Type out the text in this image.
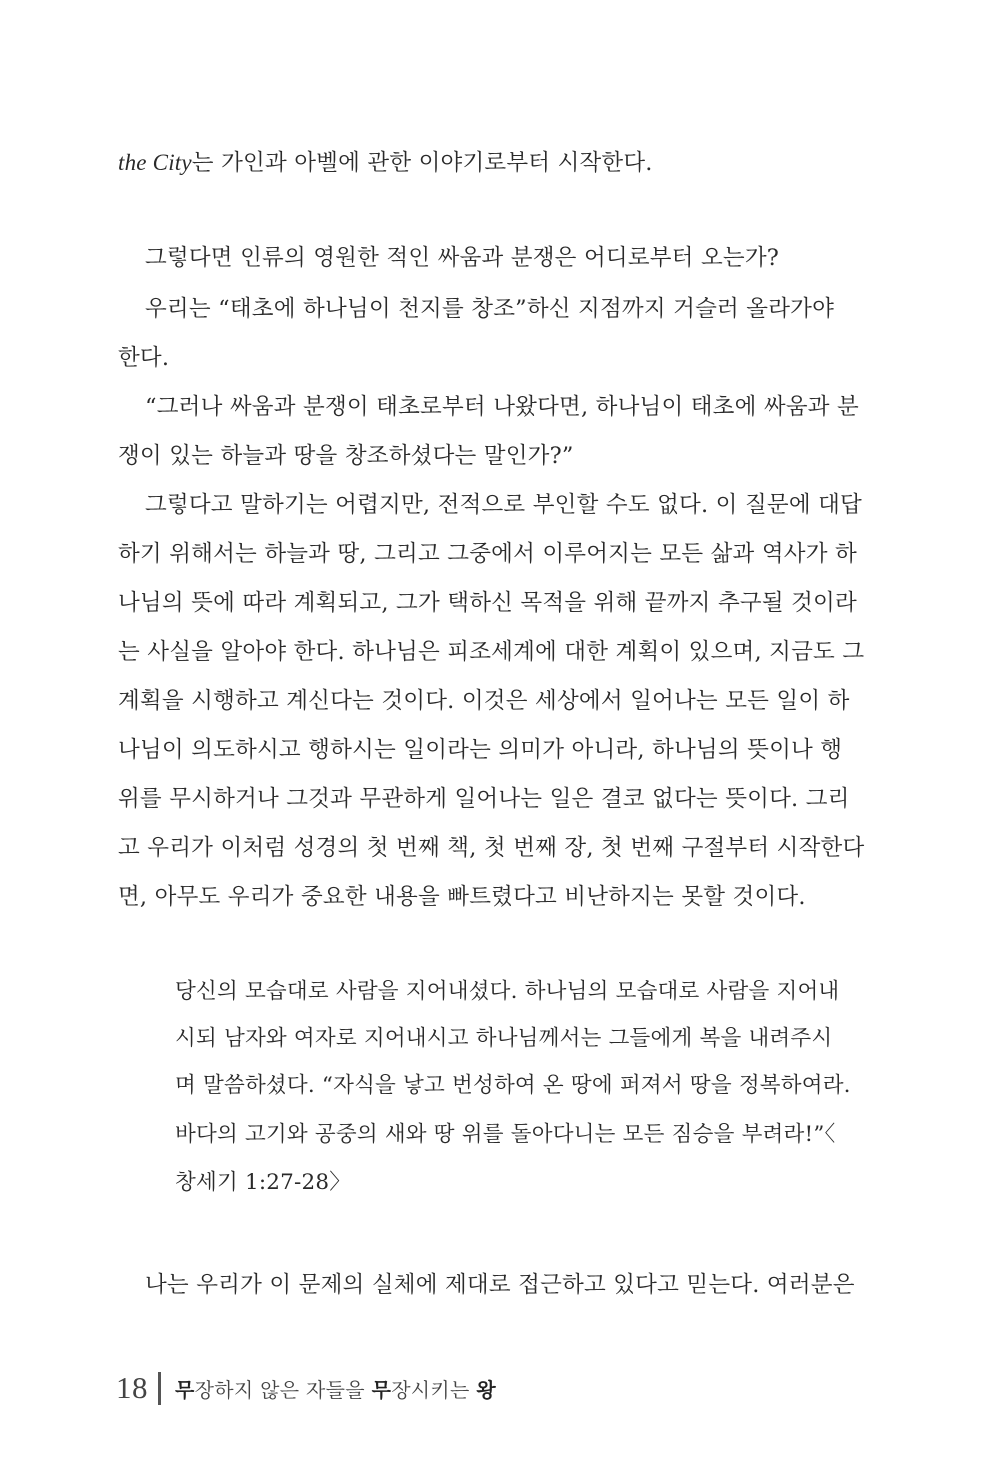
the City는 가인과 아벨에 관한 이야기로부터 시작한다.
그렇다면 인류의 영원한 적인 싸움과 분쟁은 어디로부터 오는가?
우리는 “태초에 하나님이 천지를 창조”하신 지점까지 거슬러 올라가야
한다.
“그러나 싸움과 분쟁이 태초로부터 나왔다면, 하나님이 태초에 싸움과 분
쟁이 있는 하늘과 땅을 창조하셨다는 말인가?”
그렇다고 말하기는 어렵지만, 전적으로 부인할 수도 없다. 이 질문에 대답
하기 위해서는 하늘과 땅, 그리고 그중에서 이루어지는 모든 삶과 역사가 하
나님의 뜻에 따라 계획되고, 그가 택하신 목적을 위해 끝까지 추구될 것이라
는 사실을 알아야 한다. 하나님은 피조세계에 대한 계획이 있으며, 지금도 그
계획을 시행하고 계신다는 것이다. 이것은 세상에서 일어나는 모든 일이 하
나님이 의도하시고 행하시는 일이라는 의미가 아니라, 하나님의 뜻이나 행
위를 무시하거나 그것과 무관하게 일어나는 일은 결코 없다는 뜻이다. 그리
고 우리가 이처럼 성경의 첫 번째 책, 첫 번째 장, 첫 번째 구절부터 시작한다
면, 아무도 우리가 중요한 내용을 빠트렸다고 비난하지는 못할 것이다.
당신의 모습대로 사람을 지어내셨다. 하나님의 모습대로 사람을 지어내
시되 남자와 여자로 지어내시고 하나님께서는 그들에게 복을 내려주시
며 말씀하셨다. “자식을 낳고 번성하여 온 땅에 퍼져서 땅을 정복하여라.
바다의 고기와 공중의 새와 땅 위를 돌아다니는 모든 짐승을 부려라!”〈
창세기 1:27-28〉
나는 우리가 이 문제의 실체에 제대로 접근하고 있다고 믿는다. 여러분은
18 무장하지 않은 자들을 무장시키는 왕
